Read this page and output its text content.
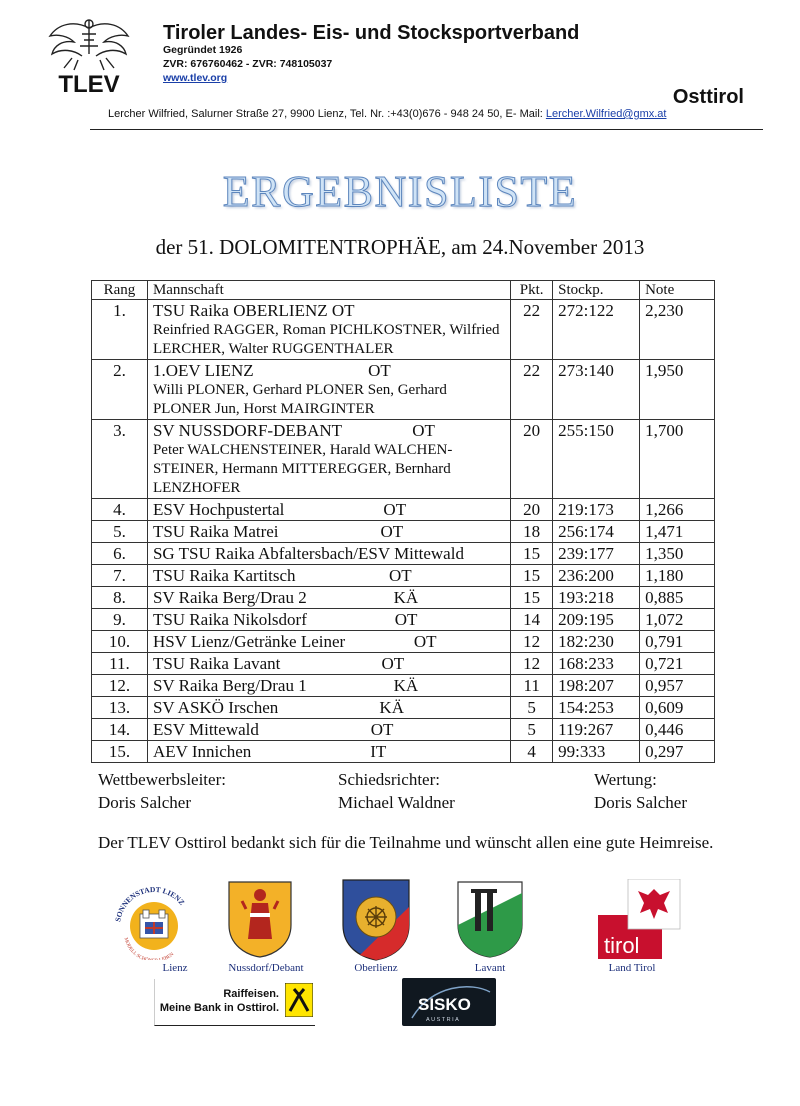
TLEV
Tiroler Landes- Eis- und Stocksportverband
Gegründet 1926
ZVR: 676760462 - ZVR: 748105037
www.tlev.org
Osttirol
Lercher Wilfried, Salurner Straße 27, 9900 Lienz, Tel. Nr. :+43(0)676 - 948 24 50, E- Mail: Lercher.Wilfried@gmx.at
ERGEBNISLISTE
der 51. DOLOMITENTROPHÄE, am 24.November 2013
Rang	Mannschaft	Pkt.	Stockp.	Note
1.	TSU Raika OBERLIENZ OT
Reinfried RAGGER, Roman PICHLKOSTNER, Wilfried LERCHER, Walter RUGGENTHALER	22	272:122	2,230
2.	1.OEV LIENZ OT
Willi PLONER, Gerhard PLONER Sen, Gerhard PLONER Jun, Horst MAIRGINTER	22	273:140	1,950
3.	SV NUSSDORF-DEBANT OT
Peter WALCHENSTEINER, Harald WALCHEN-STEINER, Hermann MITTEREGGER, Bernhard LENZHOFER	20	255:150	1,700
4.	ESV Hochpustertal OT	20	219:173	1,266
5.	TSU Raika Matrei OT	18	256:174	1,471
6.	SG TSU Raika Abfaltersbach/ESV Mittewald	15	239:177	1,350
7.	TSU Raika Kartitsch OT	15	236:200	1,180
8.	SV Raika Berg/Drau 2 KÄ	15	193:218	0,885
9.	TSU Raika Nikolsdorf OT	14	209:195	1,072
10.	HSV Lienz/Getränke Leiner OT	12	182:230	0,791
11.	TSU Raika Lavant OT	12	168:233	0,721
12.	SV Raika Berg/Drau 1 KÄ	11	198:207	0,957
13.	SV ASKÖ Irschen KÄ	5	154:253	0,609
14.	ESV Mittewald OT	5	119:267	0,446
15.	AEV Innichen IT	4	99:333	0,297
Wettbewerbsleiter:
Doris Salcher
Schiedsrichter:
Michael Waldner
Wertung:
Doris Salcher
Der TLEV Osttirol bedankt sich für die Teilnahme und wünscht allen eine gute Heimreise.
SONNENSTADT LIENZ
MODELL SCH EBEN
Lienz	Nussdorf/Debant	Oberlienz	Lavant
tirol
Land Tirol
Raiffeisen.
Meine Bank in Osttirol.	SISKO
AUSTRIA
